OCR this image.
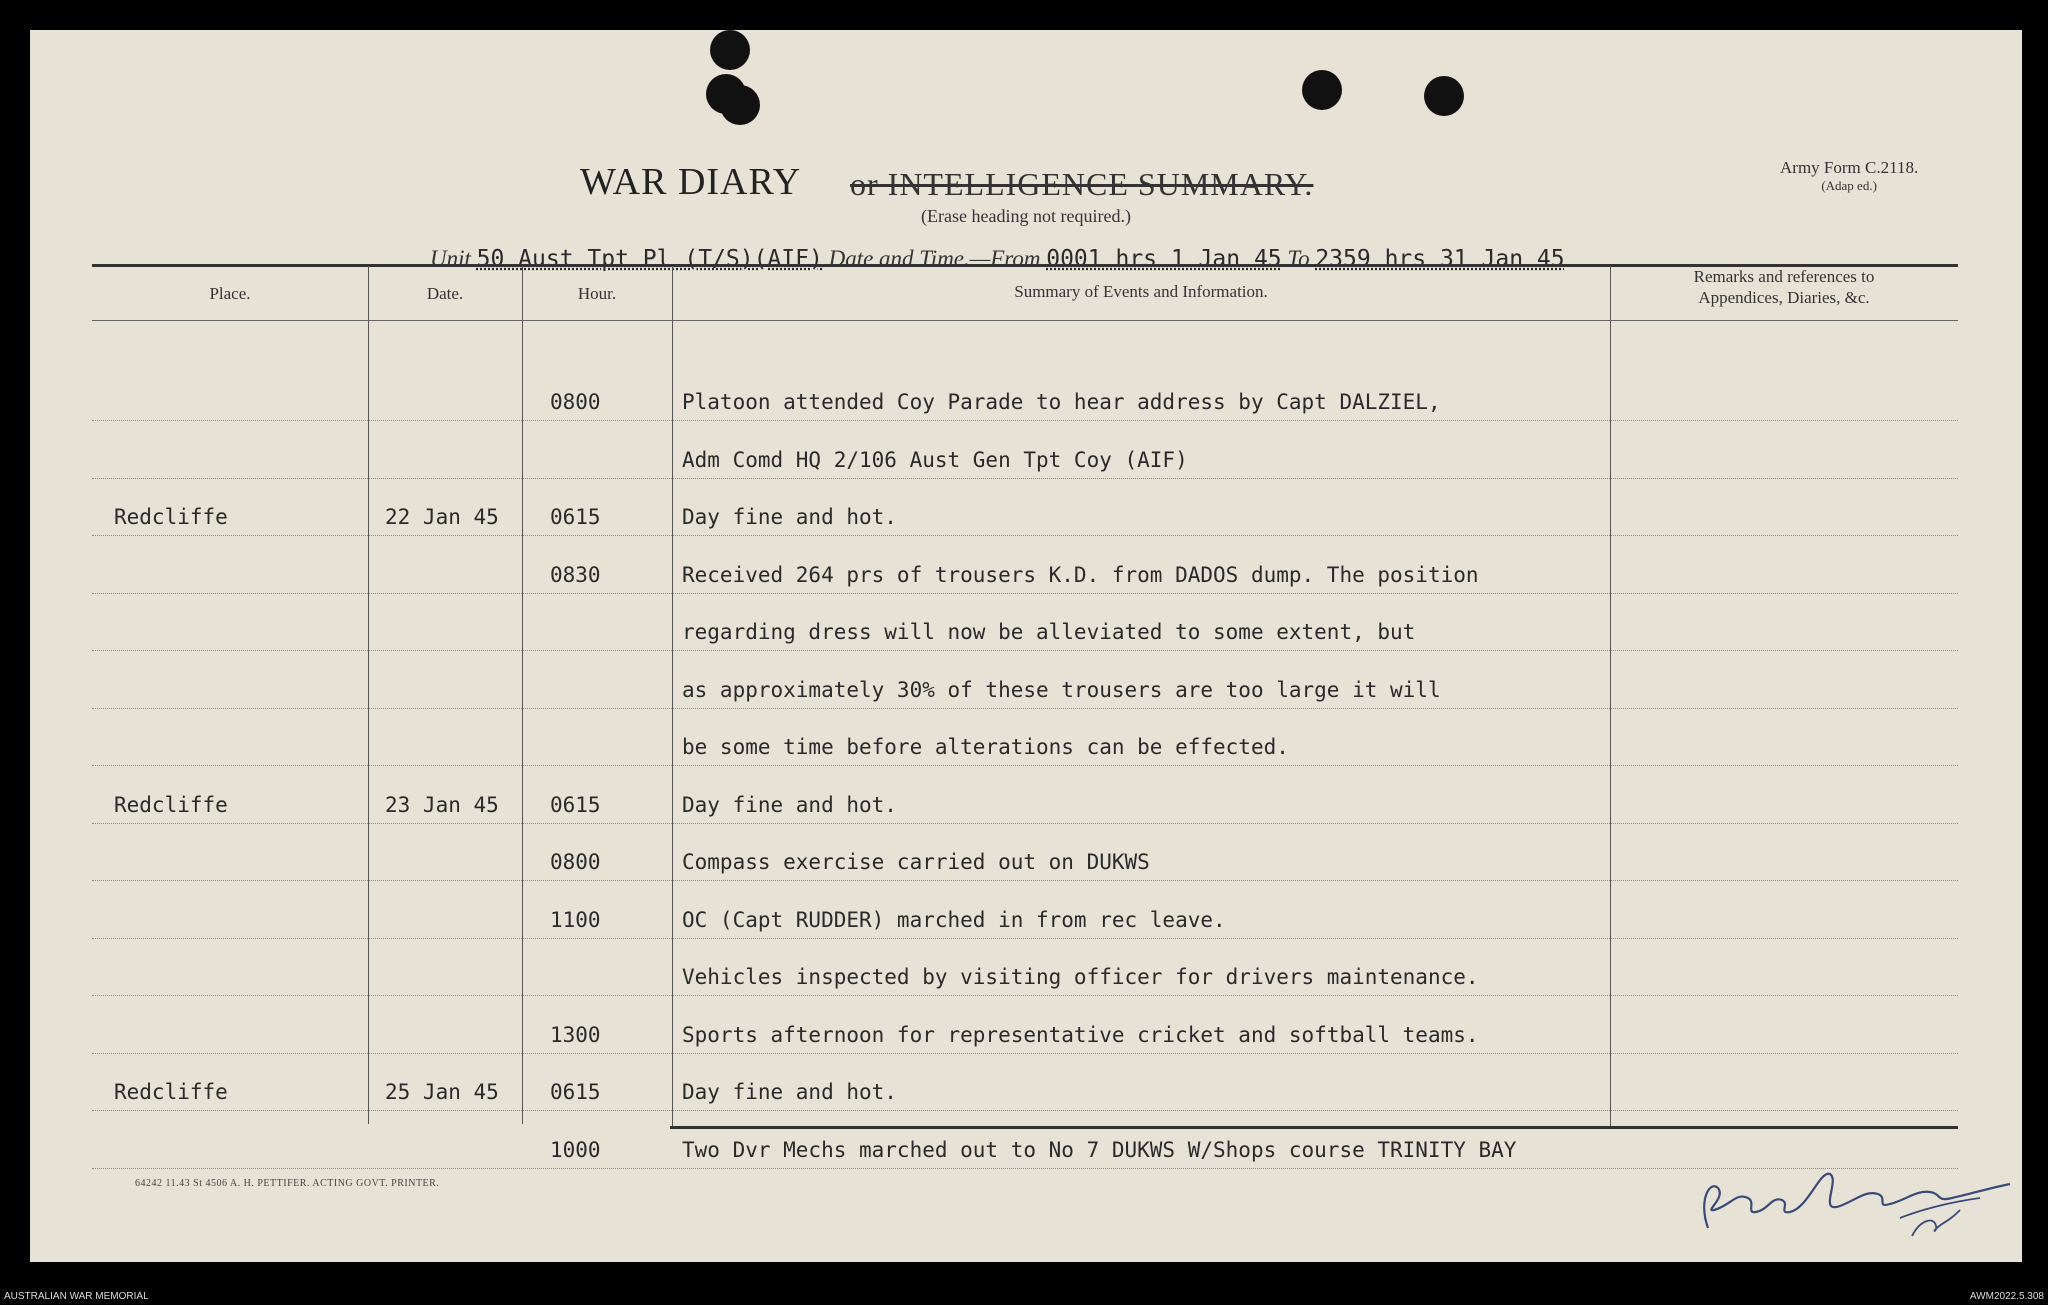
WAR DIARY or INTELLIGENCE SUMMARY.
(Erase heading not required.)
Army Form C.2118.
(Adap ed.)
Unit 50 Aust Tpt Pl (T/S)(AIF) Date and Time.—From 0001 hrs 1 Jan 45 To 2359 hrs 31 Jan 45
Place.	Date.	Hour.	Summary of Events and Information.
Remarks and references to
Appendices, Diaries, &c.
0800	Platoon attended Coy Parade to hear address by Capt DALZIEL,
Adm Comd HQ 2/106 Aust Gen Tpt Coy (AIF)
Redcliffe	22 Jan 45 0615	Day fine and hot.
0830	Received 264 prs of trousers K.D. from DADOS dump. The position
regarding dress will now be alleviated to some extent, but
as approximately 30% of these trousers are too large it will
be some time before alterations can be effected.
Redcliffe	23 Jan 45 0615	Day fine and hot.
0800	Compass exercise carried out on DUKWS
1100	OC (Capt RUDDER) marched in from rec leave.
Vehicles inspected by visiting officer for drivers maintenance.
1300	Sports afternoon for representative cricket and softball teams.
Redcliffe	25 Jan 45 0615	Day fine and hot.
1000	Two Dvr Mechs marched out to No 7 DUKWS W/Shops course TRINITY BAY
64242 11.43 St 4506 A. H. PETTIFER. ACTING GOVT. PRINTER.
AUSTRALIAN WAR MEMORIAL	AWM2022.5.308
